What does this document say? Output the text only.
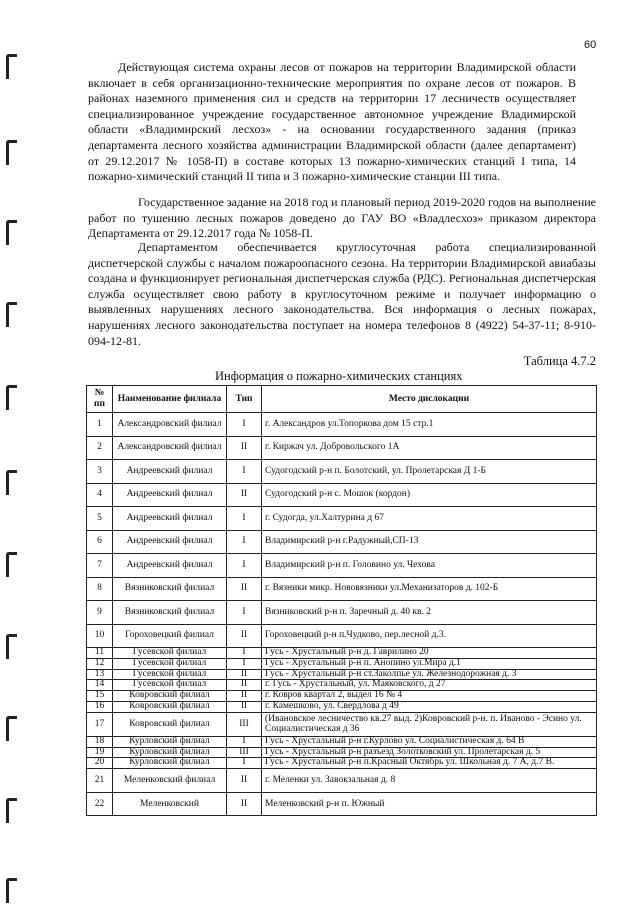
60
Действующая система охраны лесов от пожаров на территории Владимирской области включает в себя организационно-технические мероприятия по охране лесов от пожаров. В районах наземного применения сил и средств на территории 17 лесничеств осуществляет специализированное учреждение государственное автономное учреждение Владимирской области «Владимирский лесхоз» - на основании государственного задания (приказ департамента лесного хозяйства администрации Владимирской области (далее департамент) от 29.12.2017 № 1058-П) в составе которых 13 пожарно-химических станций I типа, 14 пожарно-химический станций II типа и 3 пожарно-химические станции III типа.
Государственное задание на 2018 год и плановый период 2019-2020 годов на выполнение работ по тушению лесных пожаров доведено до ГАУ ВО «Владлесхоз» приказом директора Департамента от 29.12.2017 года № 1058-П.
Департаментом обеспечивается круглосуточная работа специализированной диспетчерской службы с началом пожароопасного сезона. На территории Владимирской авиабазы создана и функционирует региональная диспетчерская служба (РДС). Региональная диспетчерская служба осуществляет свою работу в круглосуточном режиме и получает информацию о выявленных нарушениях лесного законодательства. Вся информация о лесных пожарах, нарушениях лесного законодательства поступает на номера телефонов 8 (4922) 54-37-11; 8-910-094-12-81.
Таблица 4.7.2
Информация о пожарно-химических станциях
№ пп	Наименование филиала	Тип	Место дислокации
1	Александровский филиал	I	г. Александров ул.Топоркова дом 15 стр.1
2	Александровский филиал	II	г. Киржач ул. Добровольского 1А
3	Андреевский филиал	I	Судогодский р-н п. Болотский, ул. Пролетарская Д 1-Б
4	Андреевский филиал	II	Судогодский р-н с. Мошок (кордон)
5	Андреевский филиал	I	г. Судогда, ул.Халтурина д 67
6	Андреевский филиал	I	Владимирский р-н г.Радужный,СП-13
7	Андреевский филиал	I	Владимирский р-н п. Головино ул. Чехова
8	Вязниковский филиал	II	г. Вязники микр. Нововязники ул.Механизаторов д. 102-Б
9	Вязниковский филиал	I	Вязниковский р-н п. Заречный д. 40 кв. 2
10	Гороховецкий филиал	II	Гороховецкий р-н п.Чудково, пер.лесной д.3.
11	Гусевской филиал	I	Гусь - Хрустальный р-н д. Гаврилино 20
12	Гусевской филиал	I	Гусь - Хрустальный р-н п. Анопино ул.Мира д.1
13	Гусевской филиал	II	Гусь - Хрустальный р-н ст.Заколпье ул. Железнодорожная д. 3
14	Гусевской филиал	II	г. Гусь - Хрустальный, ул. Маяковского, д 27
15	Ковровский филиал	II	г. Ковров квартал 2, выдел 16 № 4
16	Ковровский филиал	II	г. Камешково, ул. Свердлова д 49
17	Ковровский филиал	III	(Ивановское лесничество кв.27 выд. 2)Ковровский р-н. п. Иваново - Эсино ул. Социалистическая д 36
18	Курловский филиал	I	Гусь - Хрустальный р-н г.Курлово ул. Социалистическая д. 64 В
19	Курловский филиал	III	Гусь - Хрустальный р-н разъезд Золотковский ул. Пролетарская д. 5
20	Курловский филиал	I	Гусь - Хрустальный р-н п.Красный Октябрь ул. Школьная д. 7 А, д.7 В.
21	Меленковский филиал	II	г. Меленки ул. Завокзальная д. 8
22	Меленковский	II	Меленковский р-н п. Южный
